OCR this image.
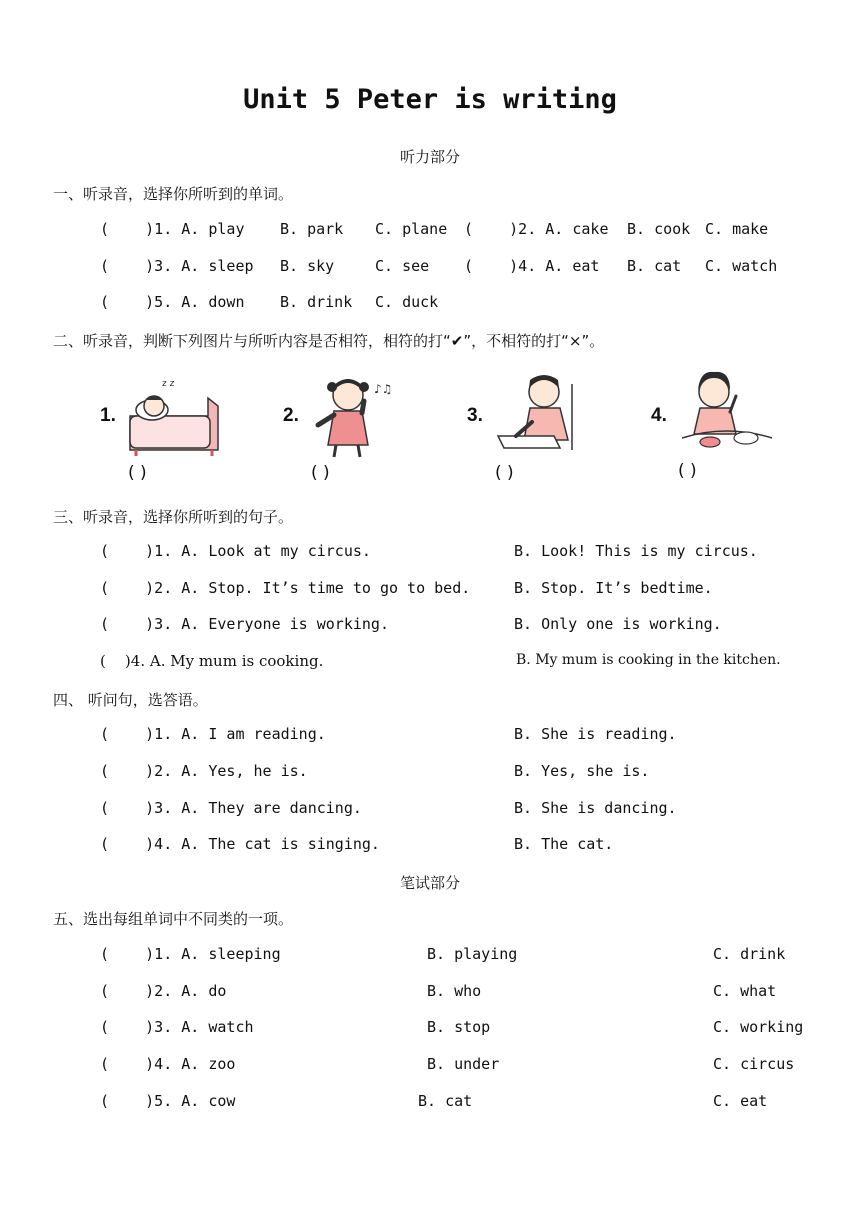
Unit 5 Peter is writing
听力部分
一、听录音，选择你所听到的单词。
(    )1. A. play B. park C. plane (    )2. A. cake B. cook C. make
(    )3. A. sleep B. sky	C. see (    )4. A. eat B. cat C. watch
(    )5. A. down B. drink C. duck
二、听录音，判断下列图片与所听内容是否相符，相符的打“✔”，不相符的打“×”。
1.
z z
( )
2.
♪♫
( )
3.
( )
4.
( )
三、听录音，选择你所听到的句子。
(    )1. A. Look at my circus.	B. Look! This is my circus.
(    )2. A. Stop. It’s time to go to bed.	B. Stop. It’s bedtime.
(    )3. A. Everyone is working.	B. Only one is working.
(    )4. A. My mum is cooking.	B. My mum is cooking in the kitchen.
四、 听问句，选答语。
(    )1. A. I am reading.	B. She is reading.
(    )2. A. Yes, he is.	B. Yes, she is.
(    )3. A. They are dancing.	B. She is dancing.
(    )4. A. The cat is singing.	B. The cat.
笔试部分
五、选出每组单词中不同类的一项。
(    )1. A. sleeping	B. playing	C. drink
(    )2. A. do	B. who	C. what
(    )3. A. watch	B. stop	C. working
(    )4. A. zoo	B. under	C. circus
(    )5. A. cow	B. cat	C. eat
